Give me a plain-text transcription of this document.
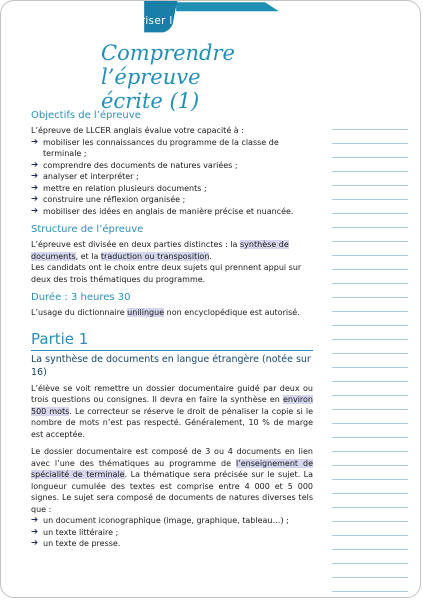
Maîtriser les épreuves
Fiche 27 Comprendre l’épreuve
écrite (1)
Objectifs de l’épreuve

L’épreuve de LLCER anglais évalue votre capacité à :

➔ mobiliser les connaissances du programme de la classe de terminale ;
➔ comprendre des documents de natures variées ;
➔ analyser et interpréter ;
➔ mettre en relation plusieurs documents ;
➔ construire une réflexion organisée ;
➔ mobiliser des idées en anglais de manière précise et nuancée.
Structure de l’épreuve

L’épreuve est divisée en deux parties distinctes : la synthèse de documents, et la traduction ou transposition.

Les candidats ont le choix entre deux sujets qui prennent appui sur deux des trois thématiques du programme.

Durée : 3 heures 30

L’usage du dictionnaire unilingue non encyclopédique est autorisé.

Partie 1
La synthèse de documents en langue étrangère (notée sur 16)

L’élève se voit remettre un dossier documentaire guidé par deux ou trois questions ou consignes. Il devra en faire la synthèse en environ 500 mots. Le correcteur se réserve le droit de pénaliser la copie si le nombre de mots n’est pas respecté. Généralement, 10 % de marge est acceptée.

Le dossier documentaire est composé de 3 ou 4 documents en lien avec l’une des thématiques au programme de l’enseignement de spécialité de terminale. La thématique sera précisée sur le sujet. La longueur cumulée des textes est comprise entre 4 000 et 5 000 signes. Le sujet sera composé de documents de natures diverses tels que :

➔ un document iconographique (image, graphique, tableau…) ;
➔ un texte littéraire ;
➔ un texte de presse.
